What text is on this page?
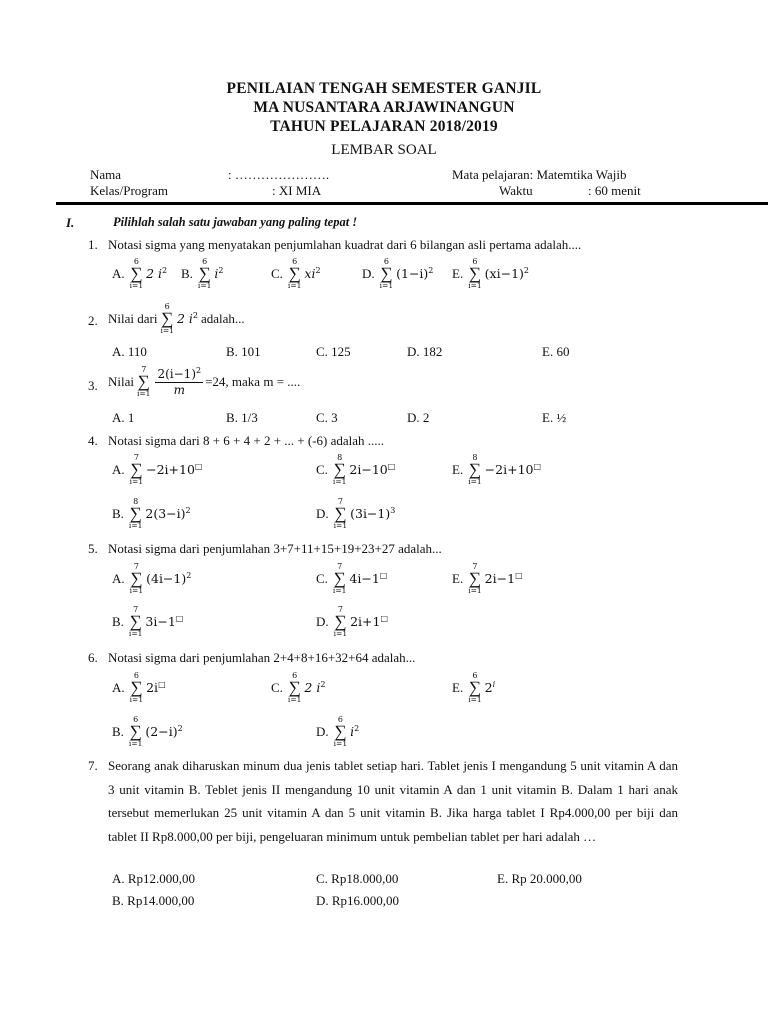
PENILAIAN TENGAH SEMESTER GANJIL
MA NUSANTARA ARJAWINANGUN
TAHUN PELAJARAN 2018/2019
LEMBAR SOAL
Nama	: ………………….	Mata pelajaran: Matemtika Wajib
Kelas/Program	: XI MIA	Waktu	: 60 menit
I.	Pilihlah salah satu jawaban yang paling tepat !
1. Notasi sigma yang menyatakan penjumlahan kuadrat dari 6 bilangan asli pertama adalah....
A.
6
∑
i=1
2 $i^2$ B.
6
∑
i=1
$i^2$	C.
6
∑
i=1
$xi^2$	D.
6
∑
i=1
$(1-i)^2$ E.
6
∑
i=1
$(xi-1)^2$
2. Nilai dari
6
∑
i=1
2 $i^2$ adalah...
A. 110	B. 101	C. 125	D. 182	E. 60
3. Nilai
7
∑
$i=1 \frac{2(i-1)^2}{m} =24$, maka m = ....
A. 1	B. 1/3	C. 3	D. 2	E. ½
4. Notasi sigma dari 8 + 6 + 4 + 2 + ... + (-6) adalah .....
A.
7
∑
i=1
−2i+10□	C.
8
∑
i=1
2i−10□	E.
8
∑
i=1
−2i+10□
B.
8
∑
i=1
$2(3-i)^2$	D.
7
∑
i=1
$(3i-1)^3$
5. Notasi sigma dari penjumlahan 3+7+11+15+19+23+27 adalah...
A.
7
∑
i=1
$(4i-1)^2$	C.
7
∑
i=1
4i−1□	E.
7
∑
i=1
2i−1□
B.
7
∑
i=1
3i−1□	D.
7
∑
i=1
2i+1□
6. Notasi sigma dari penjumlahan 2+4+8+16+32+64 adalah...
A.
6
∑
i=1
2i□	C.
6
∑
i=1
2 $i^2$	E.
6
∑
i=1
2$^i$
B.
6
∑
i=1
$(2-i)^2$	D.
6
∑
i=1
$i^2$
7. Seorang anak diharuskan minum dua jenis tablet setiap hari. Tablet jenis I mengandung 5 unit vitamin A dan 3 unit vitamin B. Teblet jenis II mengandung 10 unit vitamin A dan 1 unit vitamin B. Dalam 1 hari anak tersebut memerlukan 25 unit vitamin A dan 5 unit vitamin B. Jika harga tablet I Rp4.000,00 per biji dan tablet II Rp8.000,00 per biji, pengeluaran minimum untuk pembelian tablet per hari adalah …
A. Rp12.000,00	C. Rp18.000,00	E. Rp 20.000,00
B. Rp14.000,00	D. Rp16.000,00
